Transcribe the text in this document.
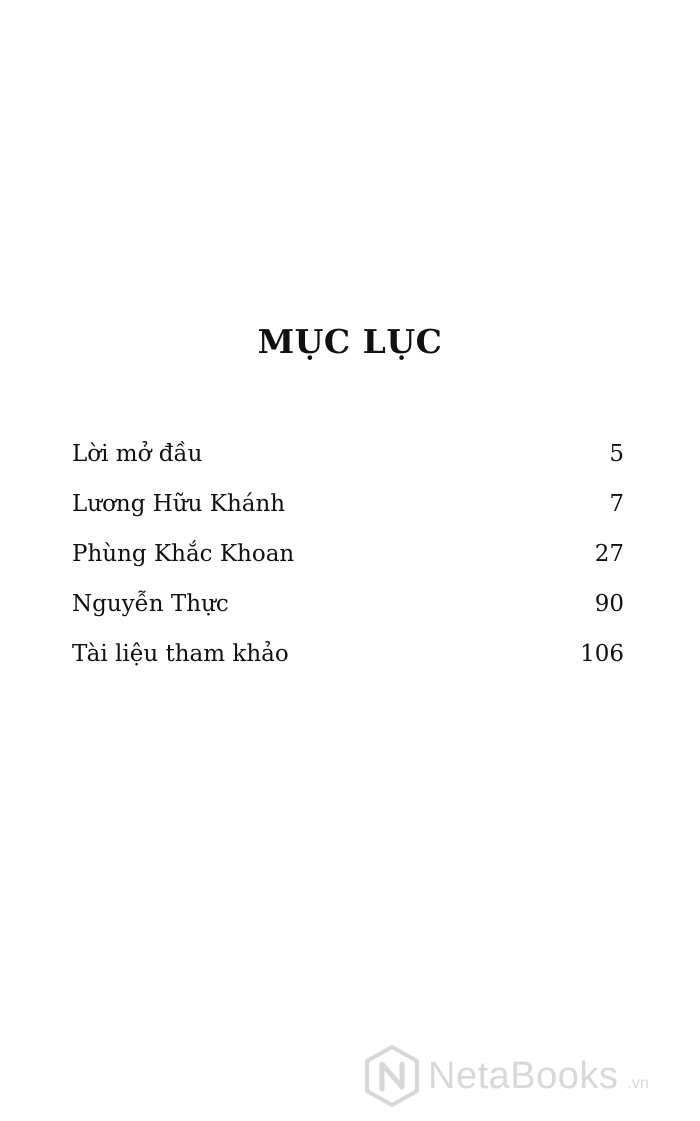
MỤC LỤC
Lời mở đầu	5
Lương Hữu Khánh	7
Phùng Khắc Khoan	27
Nguyễn Thực	90
Tài liệu tham khảo	106
NetaBooks .vn
